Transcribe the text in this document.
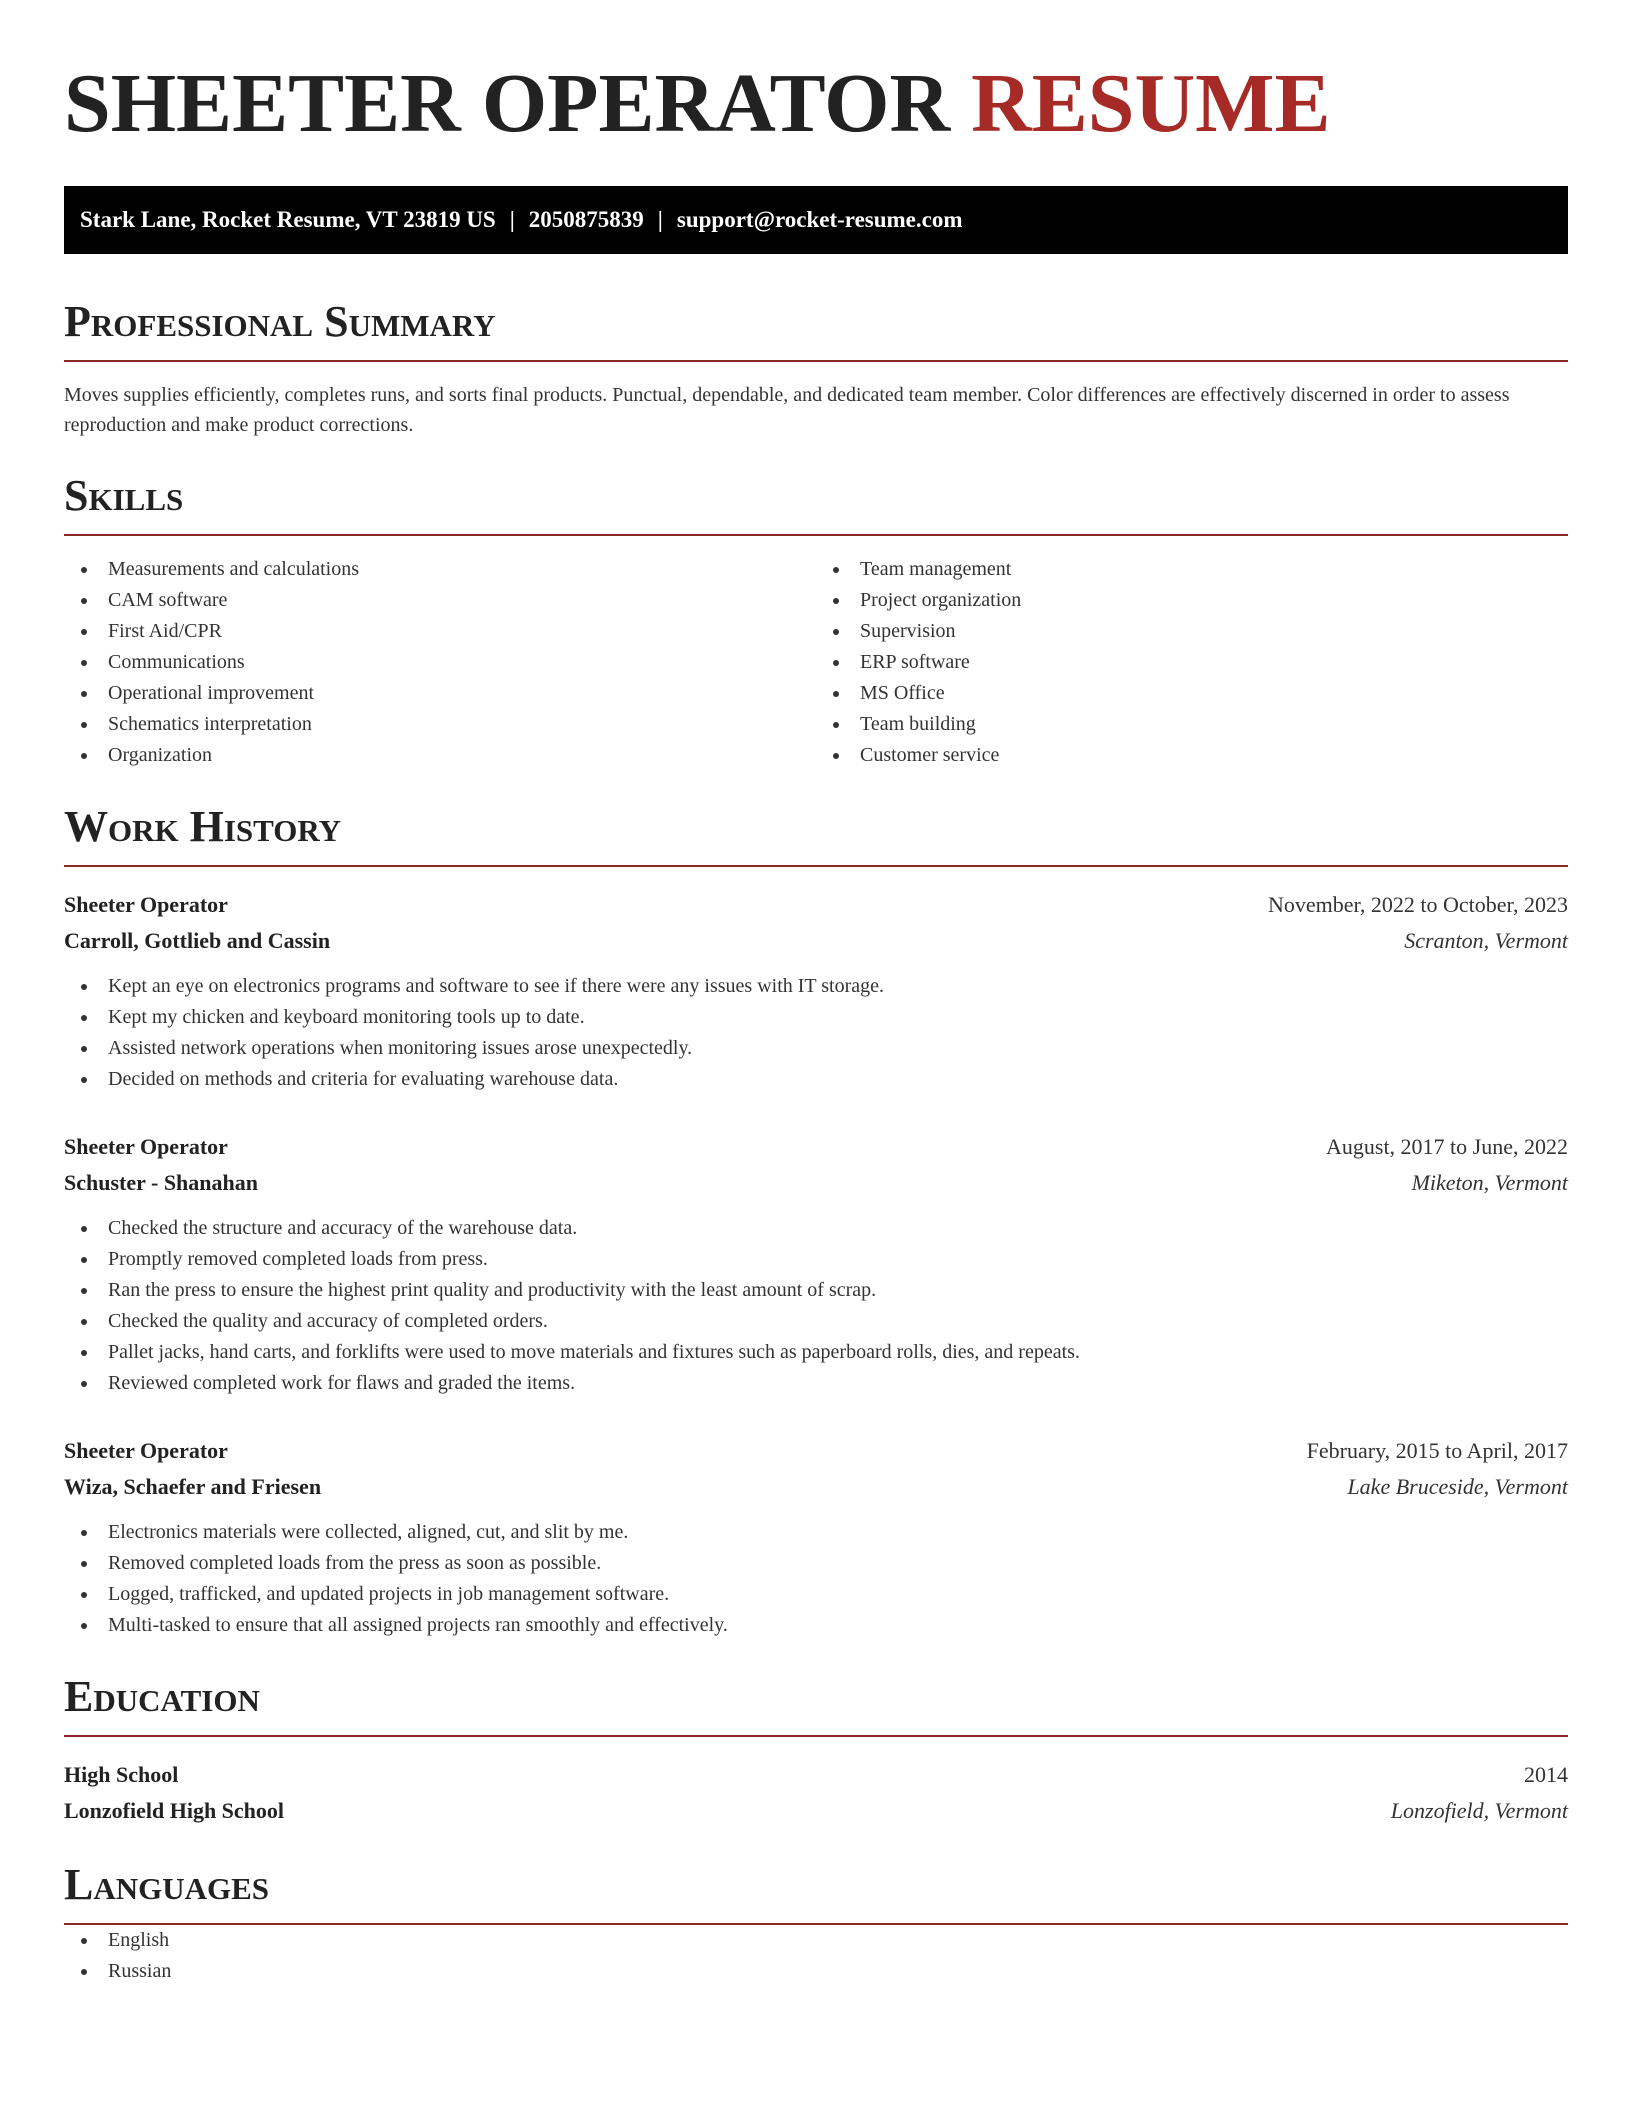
SHEETER OPERATOR RESUME
Stark Lane, Rocket Resume, VT 23819 US | 2050875839 | support@rocket-resume.com
Professional Summary

Moves supplies efficiently, completes runs, and sorts final products. Punctual, dependable, and dedicated team member. Color differences are effectively discerned in order to assess reproduction and make product corrections.

Skills
Measurements and calculations
CAM software
First Aid/CPR
Communications
Operational improvement
Schematics interpretation
Organization
Team management
Project organization
Supervision
ERP software
MS Office
Team building
Customer service
Work History
Sheeter Operator	November, 2022 to October, 2023
Carroll, Gottlieb and Cassin	Scranton, Vermont
Kept an eye on electronics programs and software to see if there were any issues with IT storage.
Kept my chicken and keyboard monitoring tools up to date.
Assisted network operations when monitoring issues arose unexpectedly.
Decided on methods and criteria for evaluating warehouse data.
Sheeter Operator	August, 2017 to June, 2022
Schuster - Shanahan	Miketon, Vermont
Checked the structure and accuracy of the warehouse data.
Promptly removed completed loads from press.
Ran the press to ensure the highest print quality and productivity with the least amount of scrap.
Checked the quality and accuracy of completed orders.
Pallet jacks, hand carts, and forklifts were used to move materials and fixtures such as paperboard rolls, dies, and repeats.
Reviewed completed work for flaws and graded the items.
Sheeter Operator	February, 2015 to April, 2017
Wiza, Schaefer and Friesen	Lake Bruceside, Vermont
Electronics materials were collected, aligned, cut, and slit by me.
Removed completed loads from the press as soon as possible.
Logged, trafficked, and updated projects in job management software.
Multi-tasked to ensure that all assigned projects ran smoothly and effectively.
Education
High School	2014
Lonzofield High School	Lonzofield, Vermont
Languages
English
Russian
